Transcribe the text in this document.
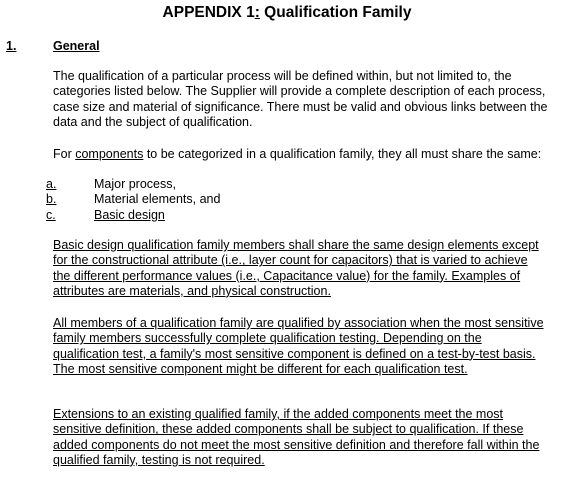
APPENDIX 1: Qualification Family
1.	General

The qualification of a particular process will be defined within, but not limited to, the categories listed below. The Supplier will provide a complete description of each process, case size and material of significance. There must be valid and obvious links between the data and the subject of qualification.

For components to be categorized in a qualification family, they all must share the same:

a.	Major process,
b.	Material elements, and
c.	Basic design

Basic design qualification family members shall share the same design elements except for the constructional attribute (i.e., layer count for capacitors) that is varied to achieve the different performance values (i.e., Capacitance value) for the family. Examples of attributes are materials, and physical construction.

All members of a qualification family are qualified by association when the most sensitive family members successfully complete qualification testing. Depending on the qualification test, a family's most sensitive component is defined on a test-by-test basis. The most sensitive component might be different for each qualification test.

Extensions to an existing qualified family, if the added components meet the most sensitive definition, these added components shall be subject to qualification. If these added components do not meet the most sensitive definition and therefore fall within the qualified family, testing is not required.
